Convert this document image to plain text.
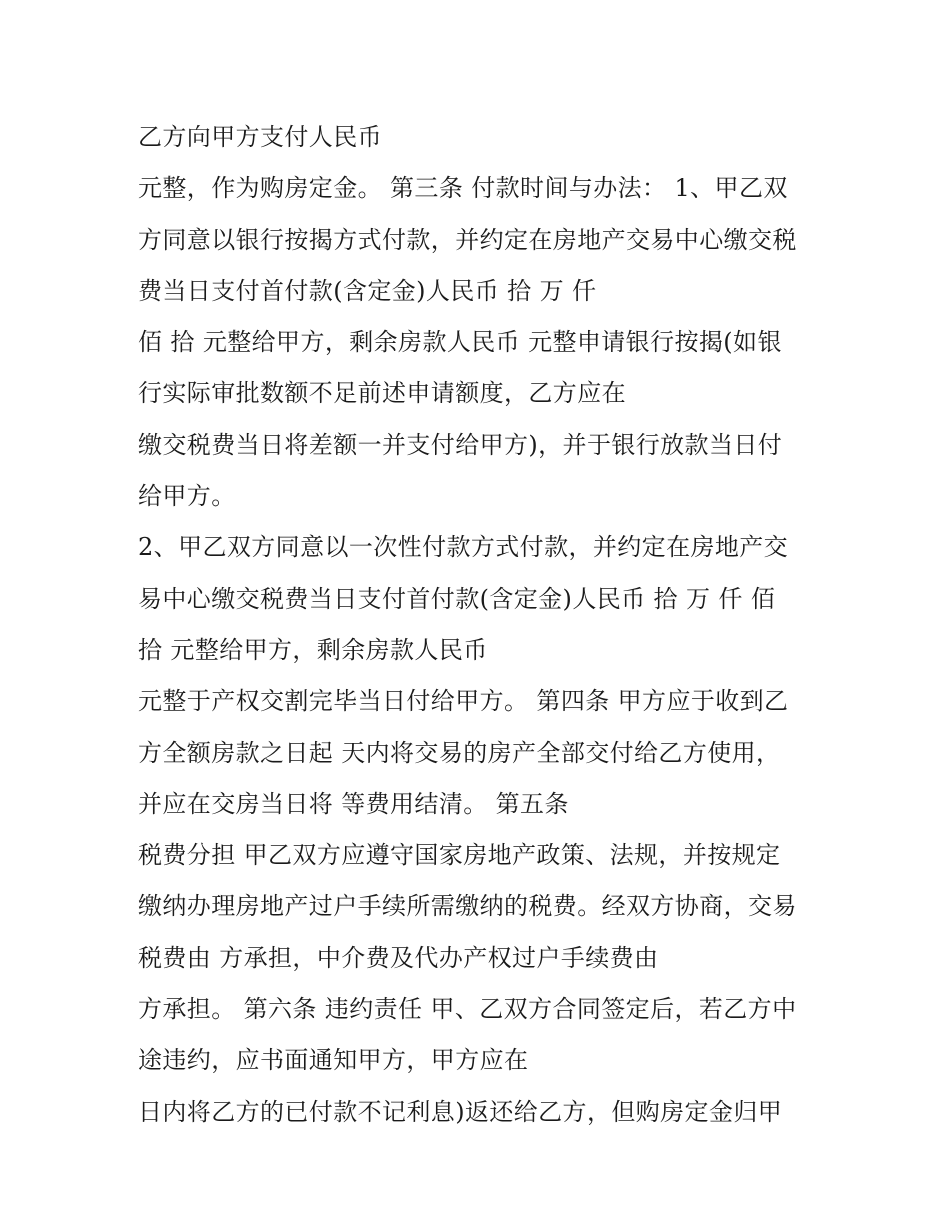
乙方向甲方支付人民币
元整，作为购房定金。 第三条 付款时间与办法： 1、甲乙双
方同意以银行按揭方式付款，并约定在房地产交易中心缴交税
费当日支付首付款(含定金)人民币 拾 万 仟
佰 拾 元整给甲方，剩余房款人民币 元整申请银行按揭(如银
行实际审批数额不足前述申请额度，乙方应在
缴交税费当日将差额一并支付给甲方)，并于银行放款当日付
给甲方。
2、甲乙双方同意以一次性付款方式付款，并约定在房地产交
易中心缴交税费当日支付首付款(含定金)人民币 拾 万 仟 佰
拾 元整给甲方，剩余房款人民币
元整于产权交割完毕当日付给甲方。 第四条 甲方应于收到乙
方全额房款之日起 天内将交易的房产全部交付给乙方使用，
并应在交房当日将 等费用结清。 第五条
税费分担 甲乙双方应遵守国家房地产政策、法规，并按规定
缴纳办理房地产过户手续所需缴纳的税费。经双方协商，交易
税费由 方承担，中介费及代办产权过户手续费由
方承担。 第六条 违约责任 甲、乙双方合同签定后，若乙方中
途违约，应书面通知甲方，甲方应在
日内将乙方的已付款不记利息)返还给乙方，但购房定金归甲
